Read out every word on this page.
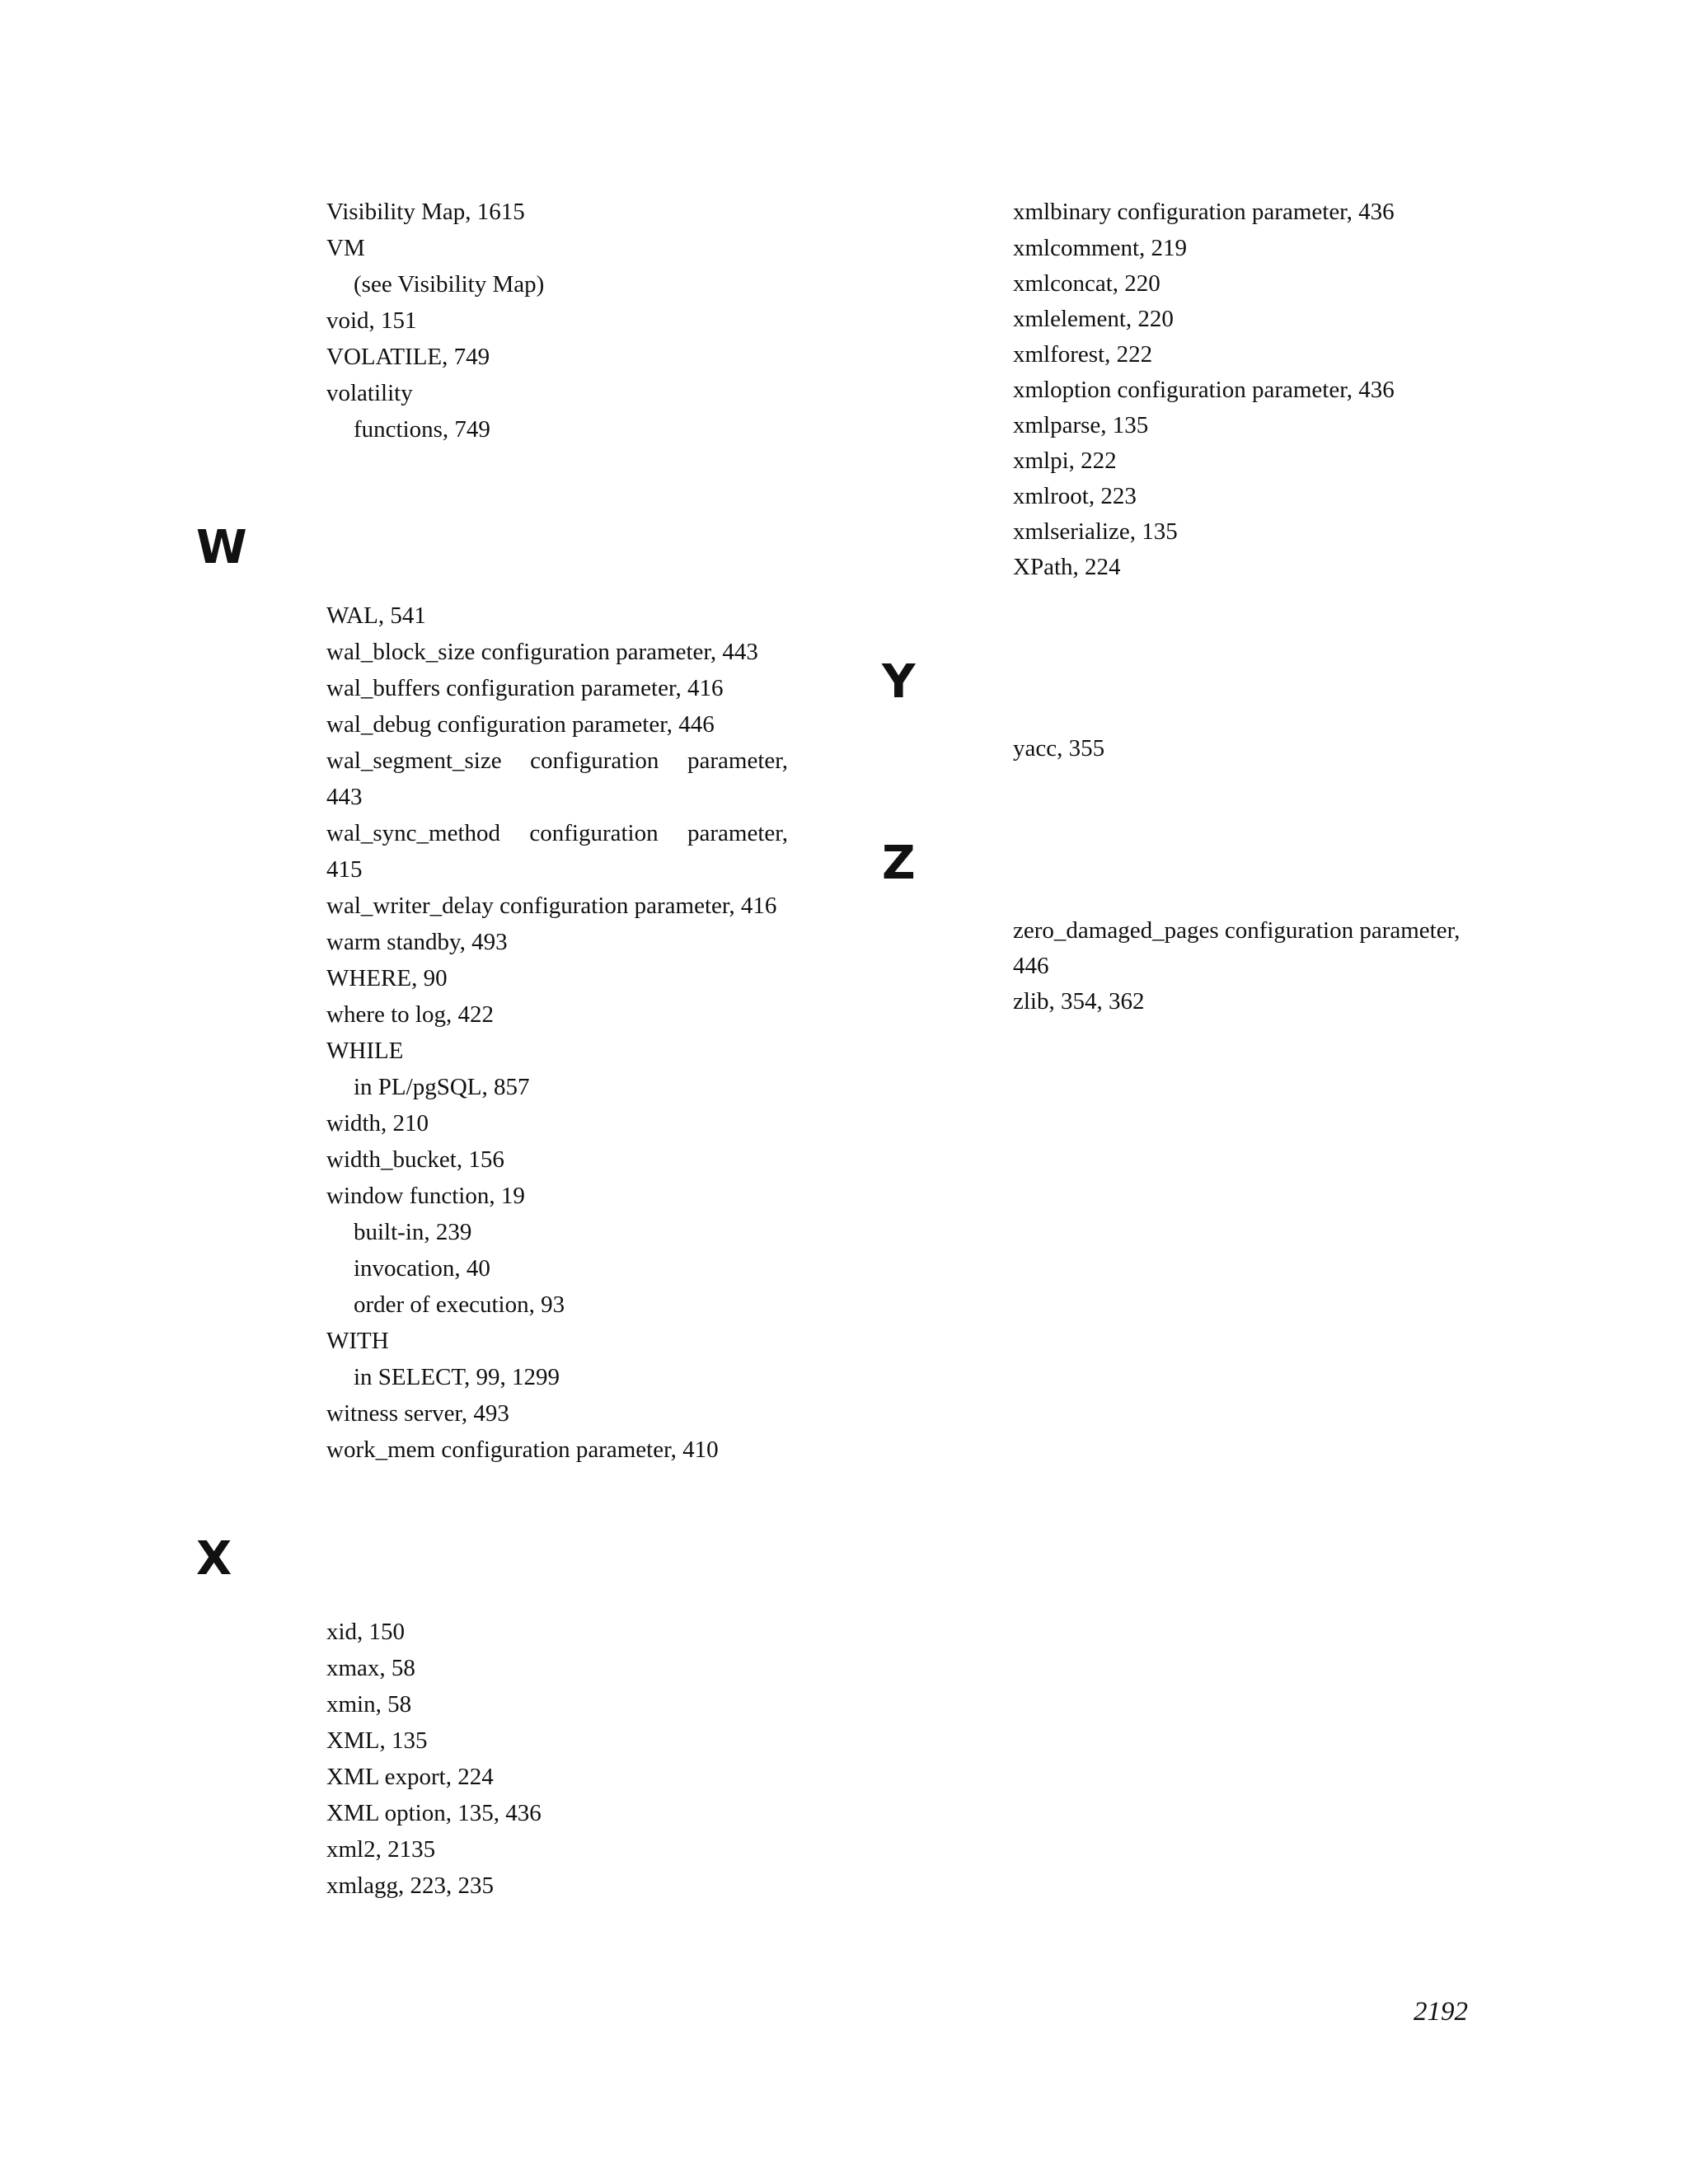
Visibility Map, 1615
VM
(see Visibility Map)
void, 151
VOLATILE, 749
volatility
functions, 749
W
WAL, 541
wal_block_size configuration parameter, 443
wal_buffers configuration parameter, 416
wal_debug configuration parameter, 446
wal_segment_size configuration parameter,
443
wal_sync_method configuration parameter,
415
wal_writer_delay configuration parameter, 416
warm standby, 493
WHERE, 90
where to log, 422
WHILE
in PL/pgSQL, 857
width, 210
width_bucket, 156
window function, 19
built-in, 239
invocation, 40
order of execution, 93
WITH
in SELECT, 99, 1299
witness server, 493
work_mem configuration parameter, 410
X
xid, 150
xmax, 58
xmin, 58
XML, 135
XML export, 224
XML option, 135, 436
xml2, 2135
xmlagg, 223, 235
xmlbinary configuration parameter, 436
xmlcomment, 219
xmlconcat, 220
xmlelement, 220
xmlforest, 222
xmloption configuration parameter, 436
xmlparse, 135
xmlpi, 222
xmlroot, 223
xmlserialize, 135
XPath, 224
Y
yacc, 355
Z
zero_damaged_pages configuration parameter,
446
zlib, 354, 362
2192
